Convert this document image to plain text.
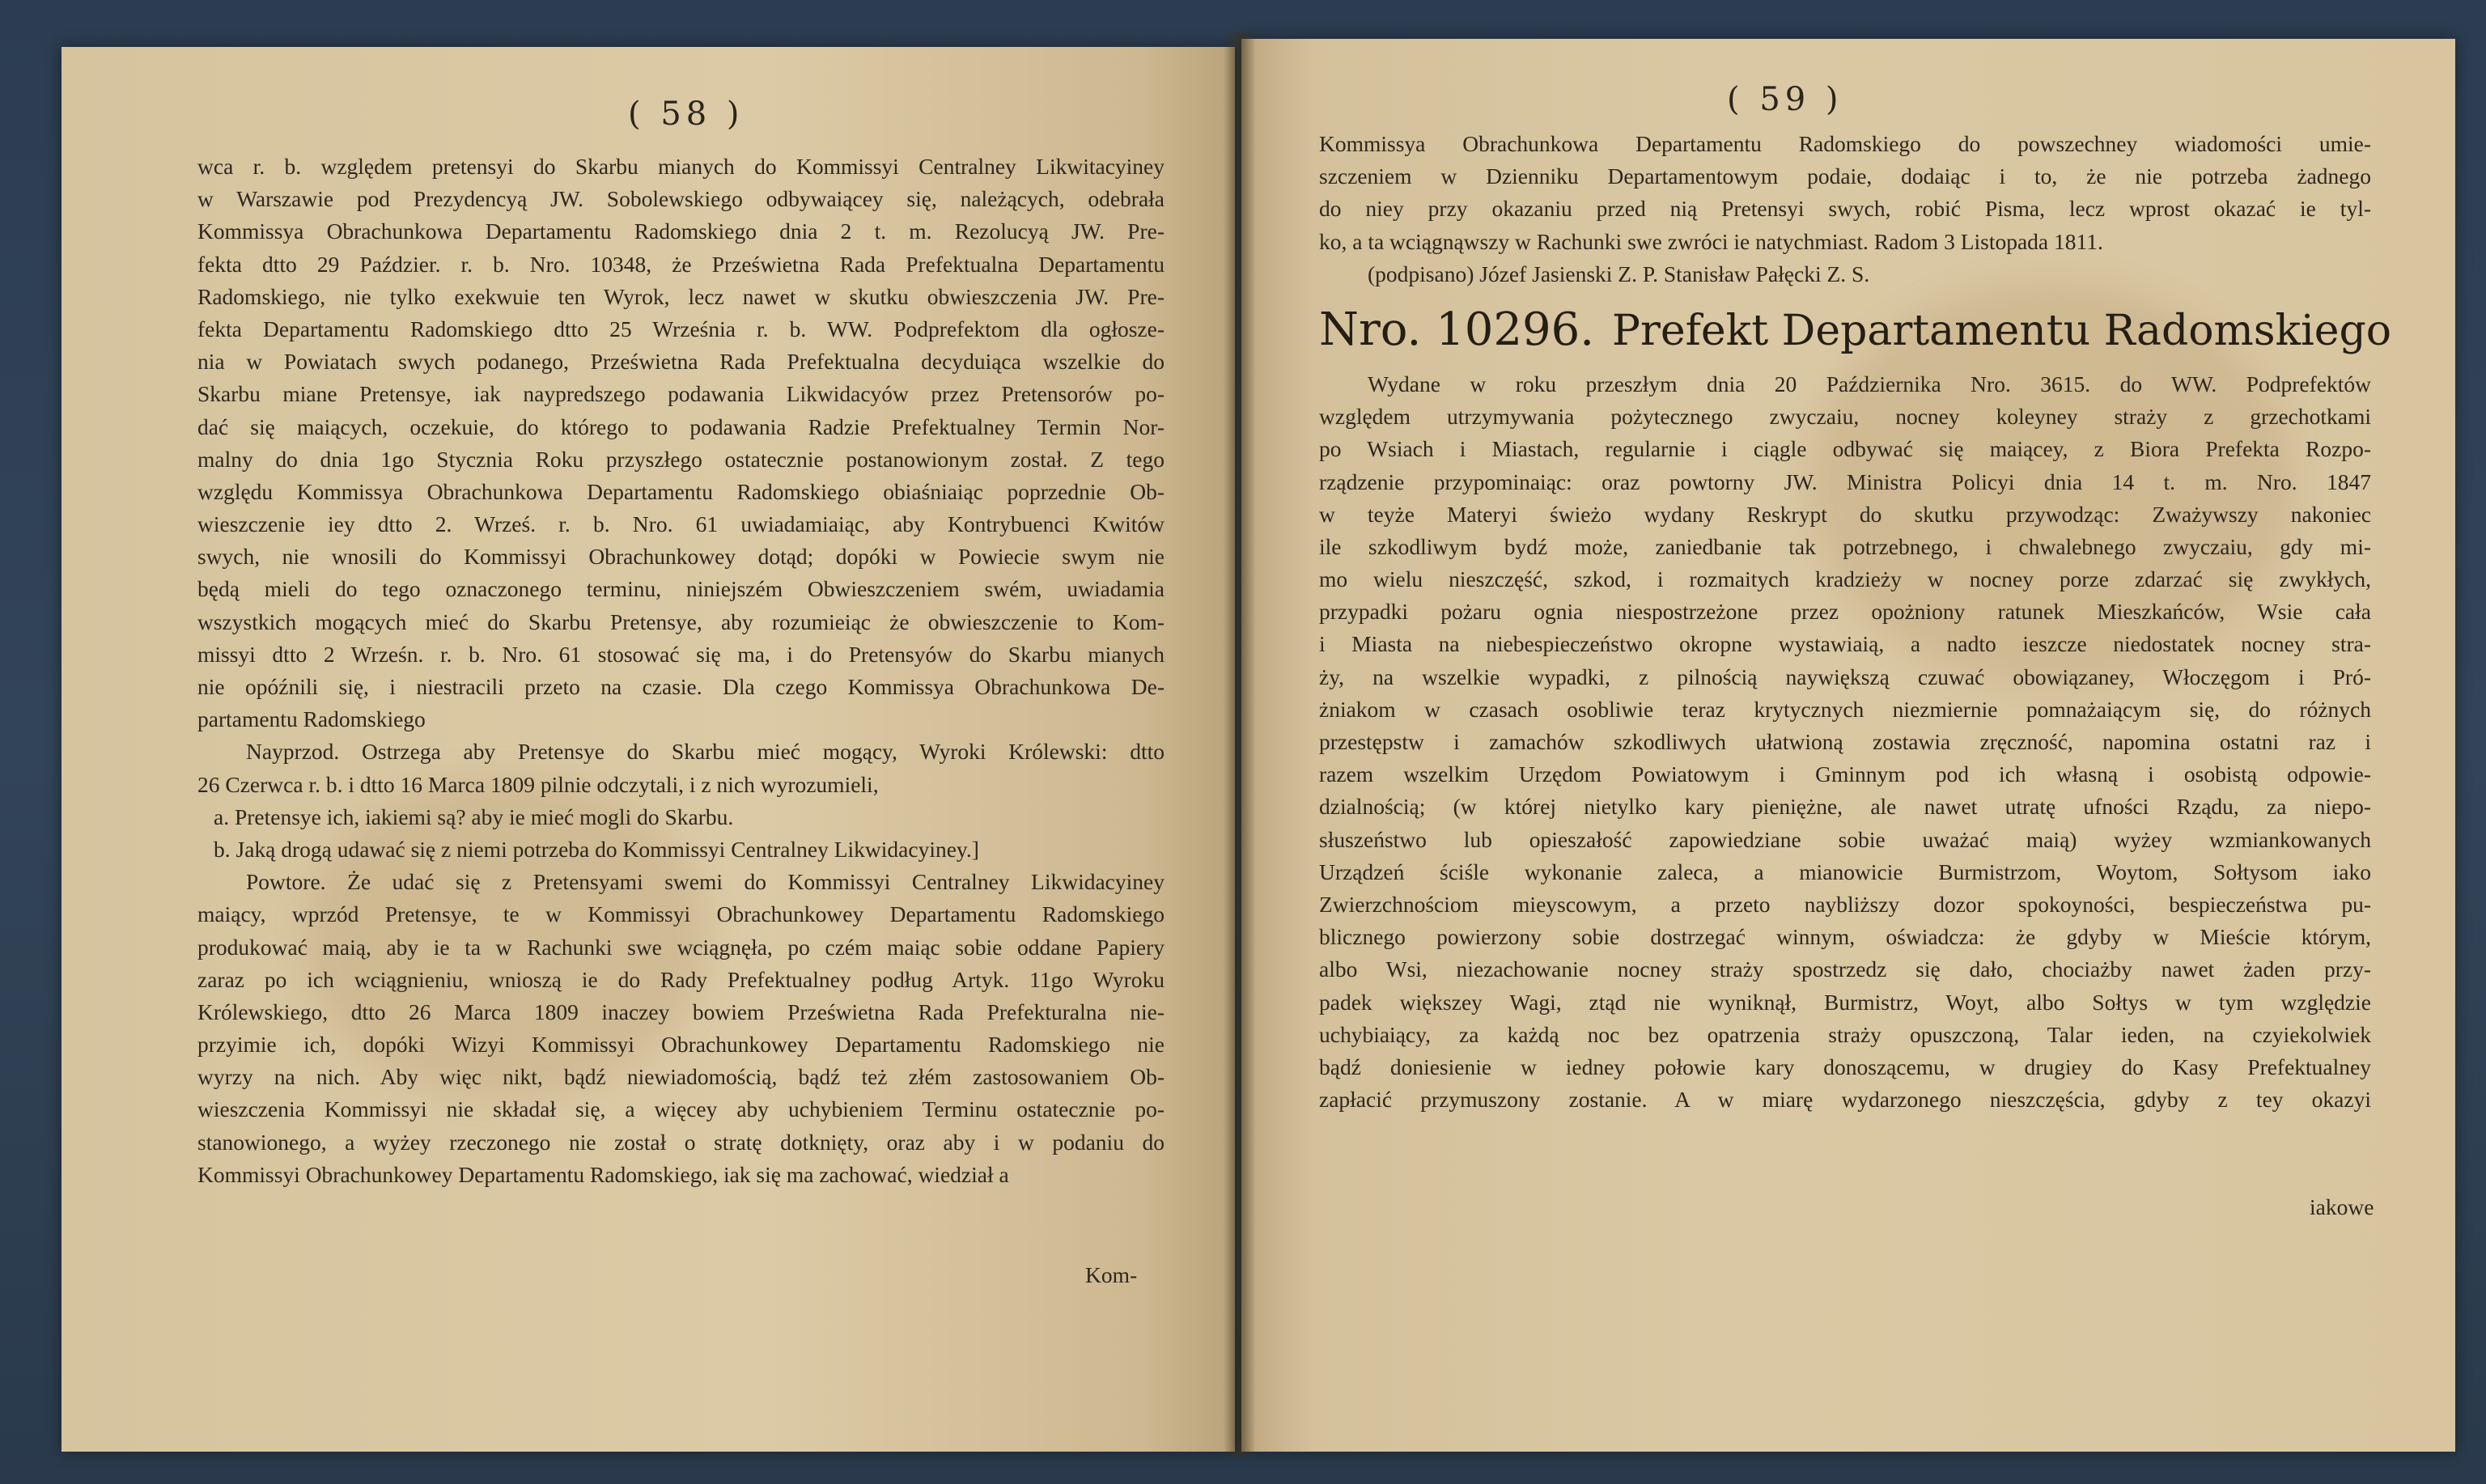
( 58 )
wca r. b. względem pretensyi do Skarbu mianych do Kommissyi Centralney Likwitacyiney
w Warszawie pod Prezydencyą JW. Sobolewskiego odbywaiącey się, należących, odebrała
Kommissya Obrachunkowa Departamentu Radomskiego dnia 2 t. m. Rezolucyą JW. Pre-
fekta dtto 29 Paździer. r. b. Nro. 10348, że Prześwietna Rada Prefektualna Departamentu
Radomskiego, nie tylko exekwuie ten Wyrok, lecz nawet w skutku obwieszczenia JW. Pre-
fekta Departamentu Radomskiego dtto 25 Września r. b. WW. Podprefektom dla ogłosze-
nia w Powiatach swych podanego, Prześwietna Rada Prefektualna decyduiąca wszelkie do
Skarbu miane Pretensye, iak naypredszego podawania Likwidacyów przez Pretensorów po-
dać się maiących, oczekuie, do którego to podawania Radzie Prefektualney Termin Nor-
malny do dnia 1go Stycznia Roku przyszłego ostatecznie postanowionym został. Z tego
względu Kommissya Obrachunkowa Departamentu Radomskiego obiaśniaiąc poprzednie Ob-
wieszczenie iey dtto 2. Wrześ. r. b. Nro. 61 uwiadamiaiąc, aby Kontrybuenci Kwitów
swych, nie wnosili do Kommissyi Obrachunkowey dotąd; dopóki w Powiecie swym nie
będą mieli do tego oznaczonego terminu, niniejszém Obwieszczeniem swém, uwiadamia
wszystkich mogących mieć do Skarbu Pretensye, aby rozumieiąc że obwieszczenie to Kom-
missyi dtto 2 Wrześn. r. b. Nro. 61 stosować się ma, i do Pretensyów do Skarbu mianych
nie opóźnili się, i niestracili przeto na czasie. Dla czego Kommissya Obrachunkowa De-
partamentu Radomskiego
Nayprzod. Ostrzega aby Pretensye do Skarbu mieć mogący, Wyroki Królewski: dtto
26 Czerwca r. b. i dtto 16 Marca 1809 pilnie odczytali, i z nich wyrozumieli,
a. Pretensye ich, iakiemi są? aby ie mieć mogli do Skarbu.
b. Jaką drogą udawać się z niemi potrzeba do Kommissyi Centralney Likwidacyiney.]
Powtore. Że udać się z Pretensyami swemi do Kommissyi Centralney Likwidacyiney
maiący, wprzód Pretensye, te w Kommissyi Obrachunkowey Departamentu Radomskiego
produkować maią, aby ie ta w Rachunki swe wciągnęła, po czém maiąc sobie oddane Papiery
zaraz po ich wciągnieniu, wnioszą ie do Rady Prefektualney podług Artyk. 11go Wyroku
Królewskiego, dtto 26 Marca 1809 inaczey bowiem Prześwietna Rada Prefekturalna nie-
przyimie ich, dopóki Wizyi Kommissyi Obrachunkowey Departamentu Radomskiego nie
wyrzy na nich. Aby więc nikt, bądź niewiadomością, bądź też złém zastosowaniem Ob-
wieszczenia Kommissyi nie składał się, a więcey aby uchybieniem Terminu ostatecznie po-
stanowionego, a wyżey rzeczonego nie został o stratę dotknięty, oraz aby i w podaniu do
Kommissyi Obrachunkowey Departamentu Radomskiego, iak się ma zachować, wiedział a
Kom-
( 59 )
Kommissya Obrachunkowa Departamentu Radomskiego do powszechney wiadomości umie-
szczeniem w Dzienniku Departamentowym podaie, dodaiąc i to, że nie potrzeba żadnego
do niey przy okazaniu przed nią Pretensyi swych, robić Pisma, lecz wprost okazać ie tyl-
ko, a ta wciągnąwszy w Rachunki swe zwróci ie natychmiast. Radom 3 Listopada 1811.
(podpisano) Józef Jasienski Z. P. Stanisław Pałęcki Z. S.
Nro. 10296. Prefekt Departamentu Radomskiego
Wydane w roku przeszłym dnia 20 Października Nro. 3615. do WW. Podprefektów
względem utrzymywania pożytecznego zwyczaiu, nocney koleyney straży z grzechotkami
po Wsiach i Miastach, regularnie i ciągle odbywać się maiącey, z Biora Prefekta Rozpo-
rządzenie przypominaiąc: oraz powtorny JW. Ministra Policyi dnia 14 t. m. Nro. 1847
w teyże Materyi świeżo wydany Reskrypt do skutku przywodząc: Zważywszy nakoniec
ile szkodliwym bydź może, zaniedbanie tak potrzebnego, i chwalebnego zwyczaiu, gdy mi-
mo wielu nieszczęść, szkod, i rozmaitych kradzieży w nocney porze zdarzać się zwykłych,
przypadki pożaru ognia niespostrzeżone przez opożniony ratunek Mieszkańców, Wsie cała
i Miasta na niebespieczeństwo okropne wystawiaią, a nadto ieszcze niedostatek nocney stra-
ży, na wszelkie wypadki, z pilnością naywiększą czuwać obowiązaney, Włoczęgom i Pró-
żniakom w czasach osobliwie teraz krytycznych niezmiernie pomnażaiącym się, do różnych
przestępstw i zamachów szkodliwych ułatwioną zostawia zręczność, napomina ostatni raz i
razem wszelkim Urzędom Powiatowym i Gminnym pod ich własną i osobistą odpowie-
dzialnością; (w której nietylko kary pieniężne, ale nawet utratę ufności Rządu, za niepo-
słuszeństwo lub opieszałość zapowiedziane sobie uważać maią) wyżey wzmiankowanych
Urządzeń ściśle wykonanie zaleca, a mianowicie Burmistrzom, Woytom, Sołtysom iako
Zwierzchnościom mieyscowym, a przeto naybliższy dozor spokoyności, bespieczeństwa pu-
blicznego powierzony sobie dostrzegać winnym, oświadcza: że gdyby w Mieście którym,
albo Wsi, niezachowanie nocney straży spostrzedz się dało, chociażby nawet żaden przy-
padek większey Wagi, ztąd nie wyniknął, Burmistrz, Woyt, albo Sołtys w tym względzie
uchybiaiący, za każdą noc bez opatrzenia straży opuszczoną, Talar ieden, na czyiekolwiek
bądź doniesienie w iedney połowie kary donoszącemu, w drugiey do Kasy Prefektualney
zapłacić przymuszony zostanie. A w miarę wydarzonego nieszczęścia, gdyby z tey okazyi
iakowe
